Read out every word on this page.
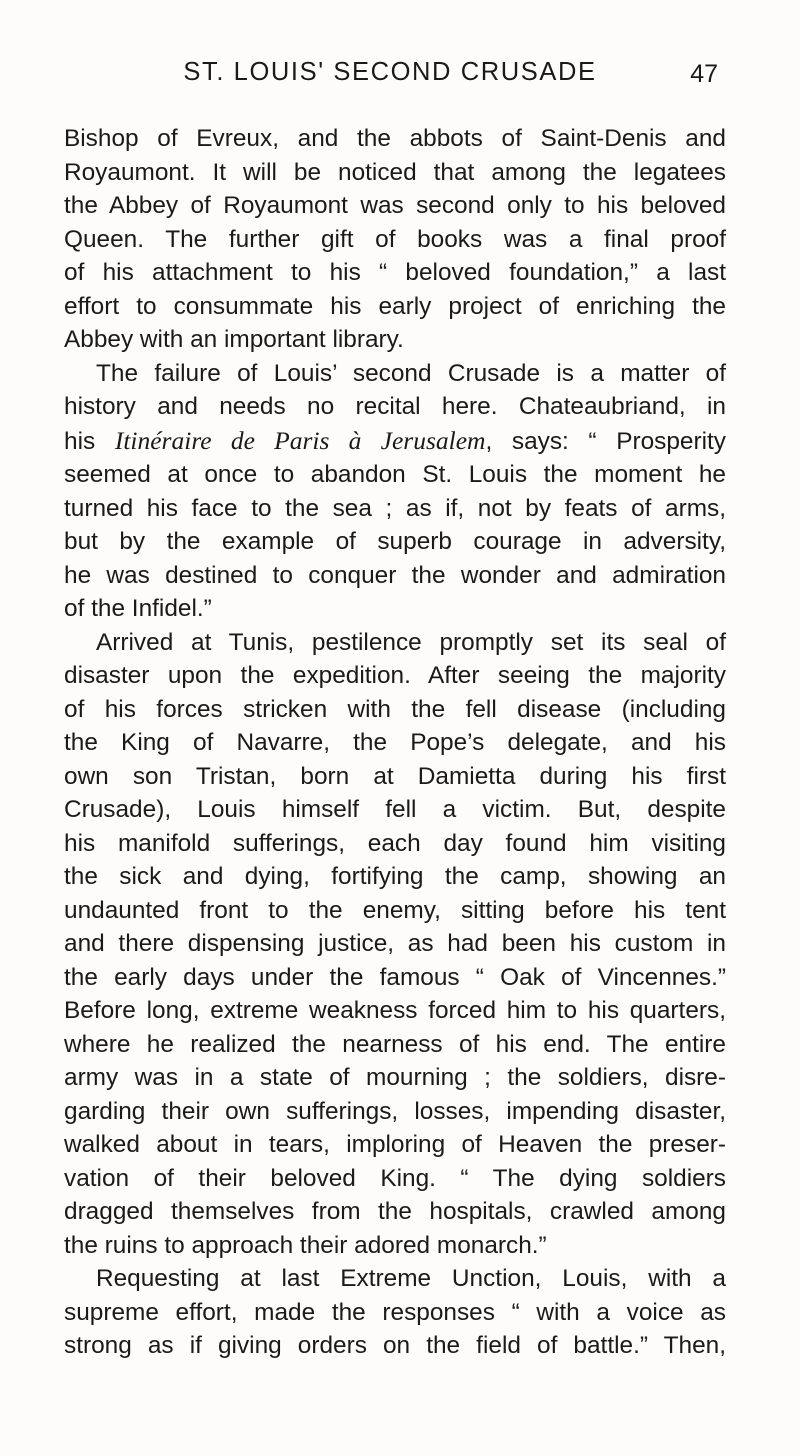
ST. LOUIS' SECOND CRUSADE	47

Bishop of Evreux, and the abbots of Saint-Denis and

Royaumont. It will be noticed that among the legatees

the Abbey of Royaumont was second only to his beloved

Queen. The further gift of books was a final proof

of his attachment to his “ beloved foundation,” a last

effort to consummate his early project of enriching the

Abbey with an important library.

The failure of Louis’ second Crusade is a matter of

history and needs no recital here. Chateaubriand, in

his Itinéraire de Paris à Jerusalem, says: “ Prosperity

seemed at once to abandon St. Louis the moment he

turned his face to the sea ; as if, not by feats of arms,

but by the example of superb courage in adversity,

he was destined to conquer the wonder and admiration

of the Infidel.”

Arrived at Tunis, pestilence promptly set its seal of

disaster upon the expedition. After seeing the majority

of his forces stricken with the fell disease (including

the King of Navarre, the Pope’s delegate, and his

own son Tristan, born at Damietta during his first

Crusade), Louis himself fell a victim. But, despite

his manifold sufferings, each day found him visiting

the sick and dying, fortifying the camp, showing an

undaunted front to the enemy, sitting before his tent

and there dispensing justice, as had been his custom in

the early days under the famous “ Oak of Vincennes.”

Before long, extreme weakness forced him to his quarters,

where he realized the nearness of his end. The entire

army was in a state of mourning ; the soldiers, disre-

garding their own sufferings, losses, impending disaster,

walked about in tears, imploring of Heaven the preser-

vation of their beloved King. “ The dying soldiers

dragged themselves from the hospitals, crawled among

the ruins to approach their adored monarch.”

Requesting at last Extreme Unction, Louis, with a

supreme effort, made the responses “ with a voice as

strong as if giving orders on the field of battle.” Then,
